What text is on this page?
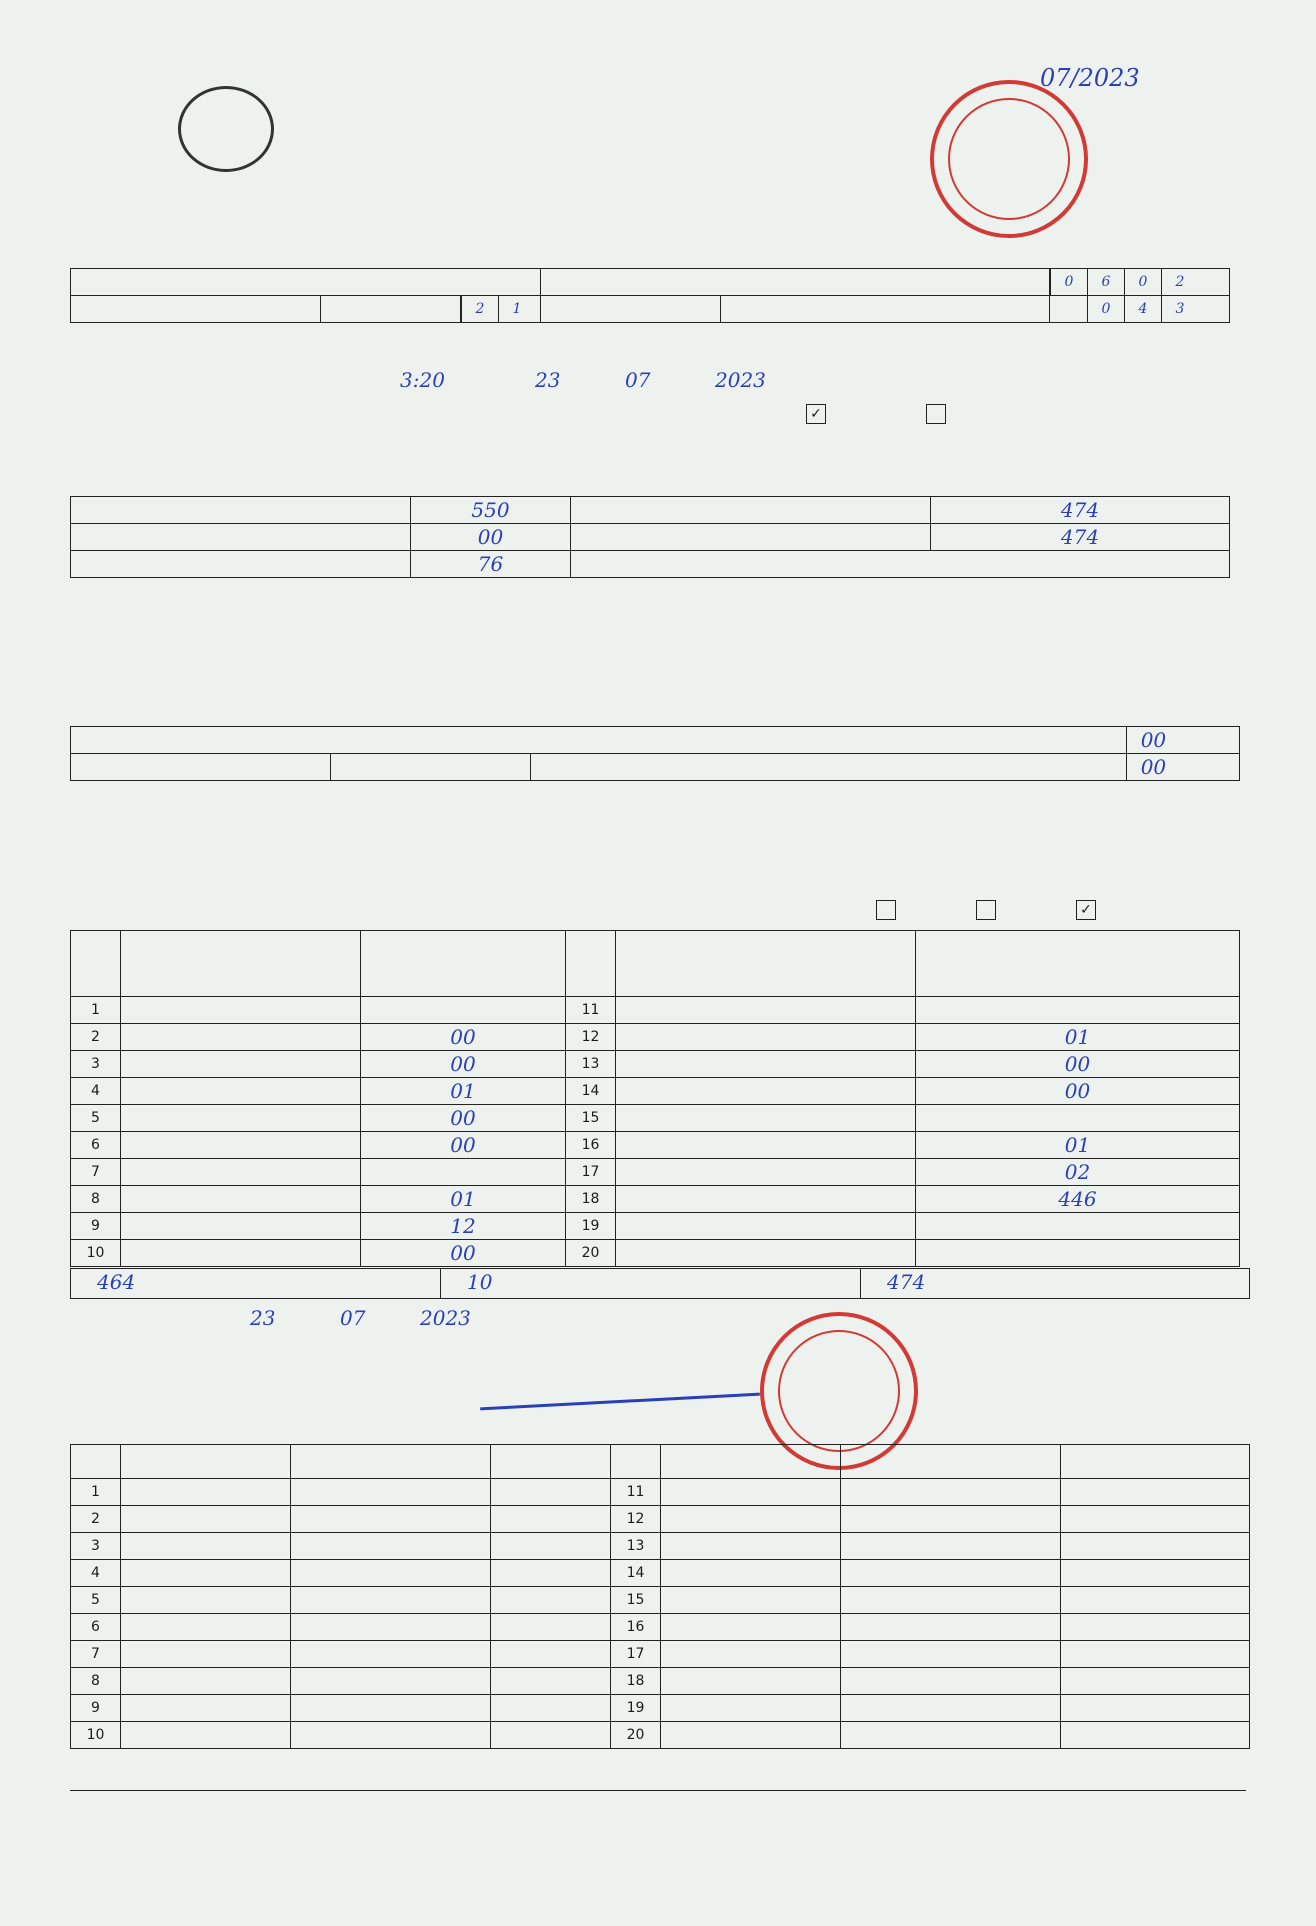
07/2023
					0 6 0 2
		2 1			0 4 3
3:20	23	07	2023
✓
	550		474
	00		474
	76		
			00	
			00	
✓

1			11		
2		00	12		01
3		00	13		00
4		01	14		00
5		00	15		
6		00	16		01
7			17		02
8		01	18		446
9		12	19		
10		00	20		
464	10	474
23	07	2023

1				11			
2				12			
3				13			
4				14			
5				15			
6				16			
7				17			
8				18			
9				19			
10				20			
